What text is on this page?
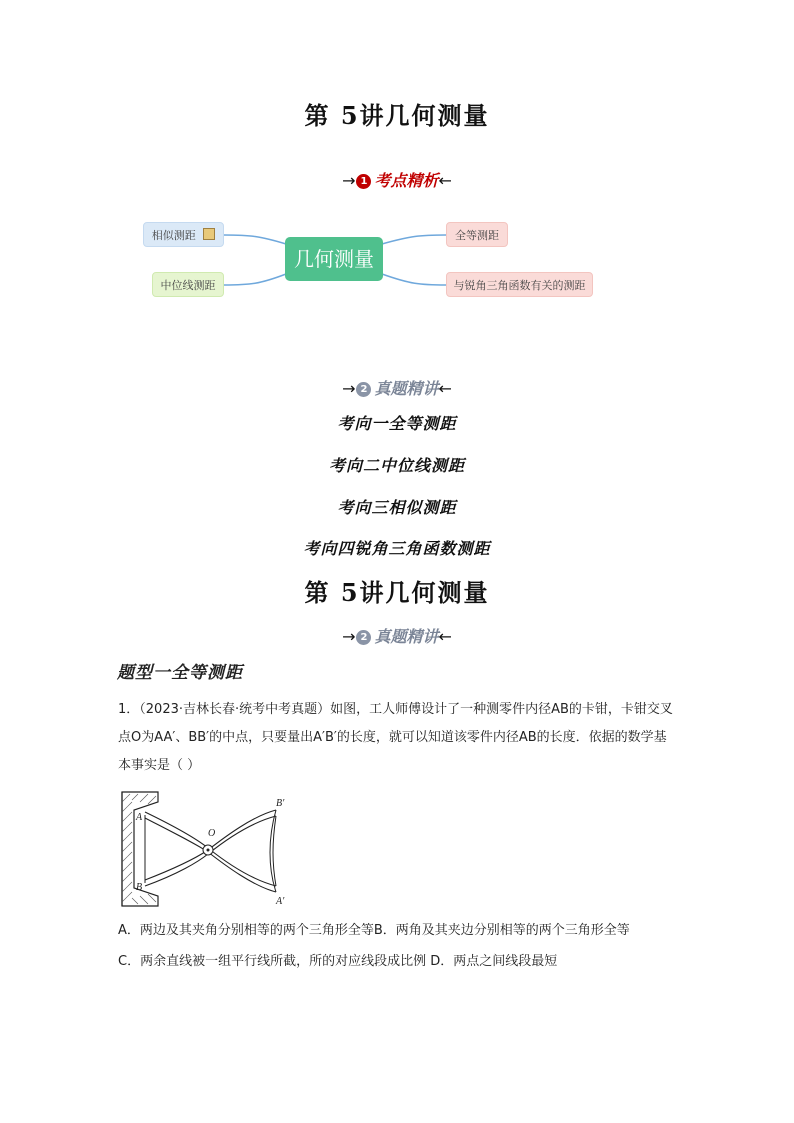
第 5讲几何测量
→ 1 考点精析←
几何测量
相似测距
中位线测距
全等测距
与锐角三角函数有关的测距
→ 2 真题精讲←
考向一全等测距
考向二中位线测距
考向三相似测距
考向四锐角三角函数测距
第 5讲几何测量
→ 2 真题精讲←
题型一全等测距
1．（2023·吉林长春·统考中考真题）如图，工人师傅设计了一种测零件内径AB的卡钳，卡钳交叉点O为AA′、BB′的中点，只要量出A′B′的长度，就可以知道该零件内径AB的长度．依据的数学基本事实是（ ）
A
B
O
B′
A′
A．两边及其夹角分别相等的两个三角形全等B．两角及其夹边分别相等的两个三角形全等
C．两余直线被一组平行线所截，所的对应线段成比例 D．两点之间线段最短
